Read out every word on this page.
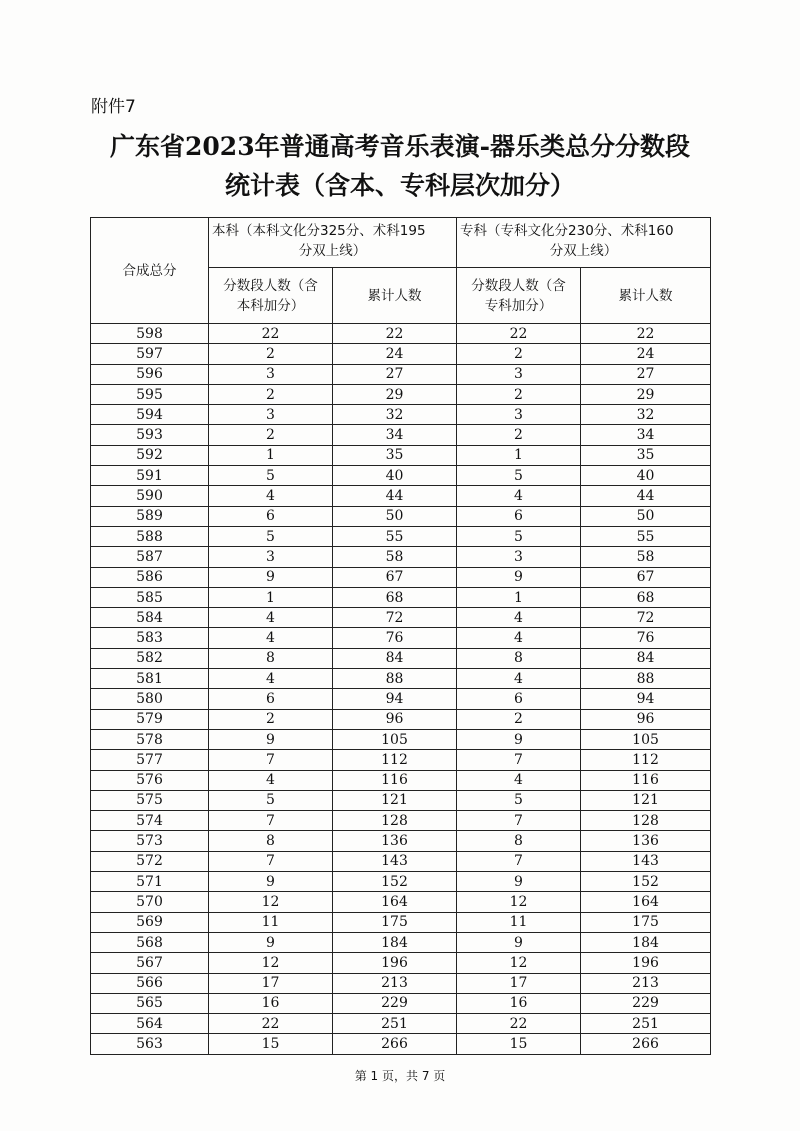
附件7
广东省2023年普通高考音乐表演-器乐类总分分数段
统计表（含本、专科层次加分）
合成总分	本科（本科文化分325分、术科195
分双上线）		专科（专科文化分230分、术科160
分双上线）	

	分数段人数（含
本科加分）	累计人数	分数段人数（含
专科加分）	累计人数
598	22	22	22	22
597	2	24	2	24
596	3	27	3	27
595	2	29	2	29
594	3	32	3	32
593	2	34	2	34
592	1	35	1	35
591	5	40	5	40
590	4	44	4	44
589	6	50	6	50
588	5	55	5	55
587	3	58	3	58
586	9	67	9	67
585	1	68	1	68
584	4	72	4	72
583	4	76	4	76
582	8	84	8	84
581	4	88	4	88
580	6	94	6	94
579	2	96	2	96
578	9	105	9	105
577	7	112	7	112
576	4	116	4	116
575	5	121	5	121
574	7	128	7	128
573	8	136	8	136
572	7	143	7	143
571	9	152	9	152
570	12	164	12	164
569	11	175	11	175
568	9	184	9	184
567	12	196	12	196
566	17	213	17	213
565	16	229	16	229
564	22	251	22	251
563	15	266	15	266
第 1 页，共 7 页
